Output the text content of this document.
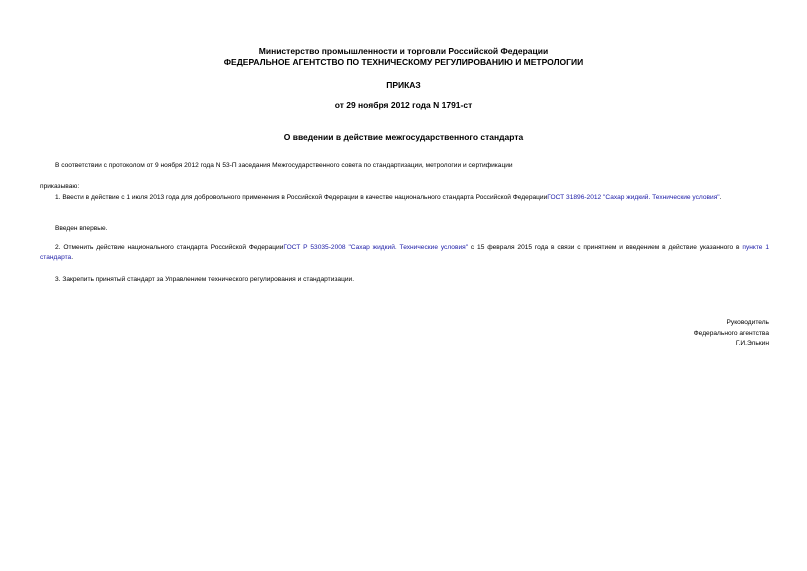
Министерство промышленности и торговли Российской Федерации
ФЕДЕРАЛЬНОЕ АГЕНТСТВО ПО ТЕХНИЧЕСКОМУ РЕГУЛИРОВАНИЮ И МЕТРОЛОГИИ
ПРИКАЗ
от 29 ноября 2012 года N 1791-ст
О введении в действие межгосударственного стандарта
В соответствии с протоколом от 9 ноября 2012 года N 53-П заседания Межгосударственного совета по стандартизации, метрологии и сертификации
приказываю:
1. Ввести в действие с 1 июля 2013 года для добровольного применения в Российской Федерации в качестве национального стандарта Российской ФедерацииГОСТ 31896-2012 "Сахар жидкий. Технические условия".
Введен впервые.
2. Отменить действие национального стандарта Российской ФедерацииГОСТ Р 53035-2008 "Сахар жидкий. Технические условия" с 15 февраля 2015 года в связи с принятием и введением в действие указанного в пункте 1 стандарта.
3. Закрепить принятый стандарт за Управлением технического регулирования и стандартизации.
Руководитель
Федерального агентства
Г.И.Элькин
